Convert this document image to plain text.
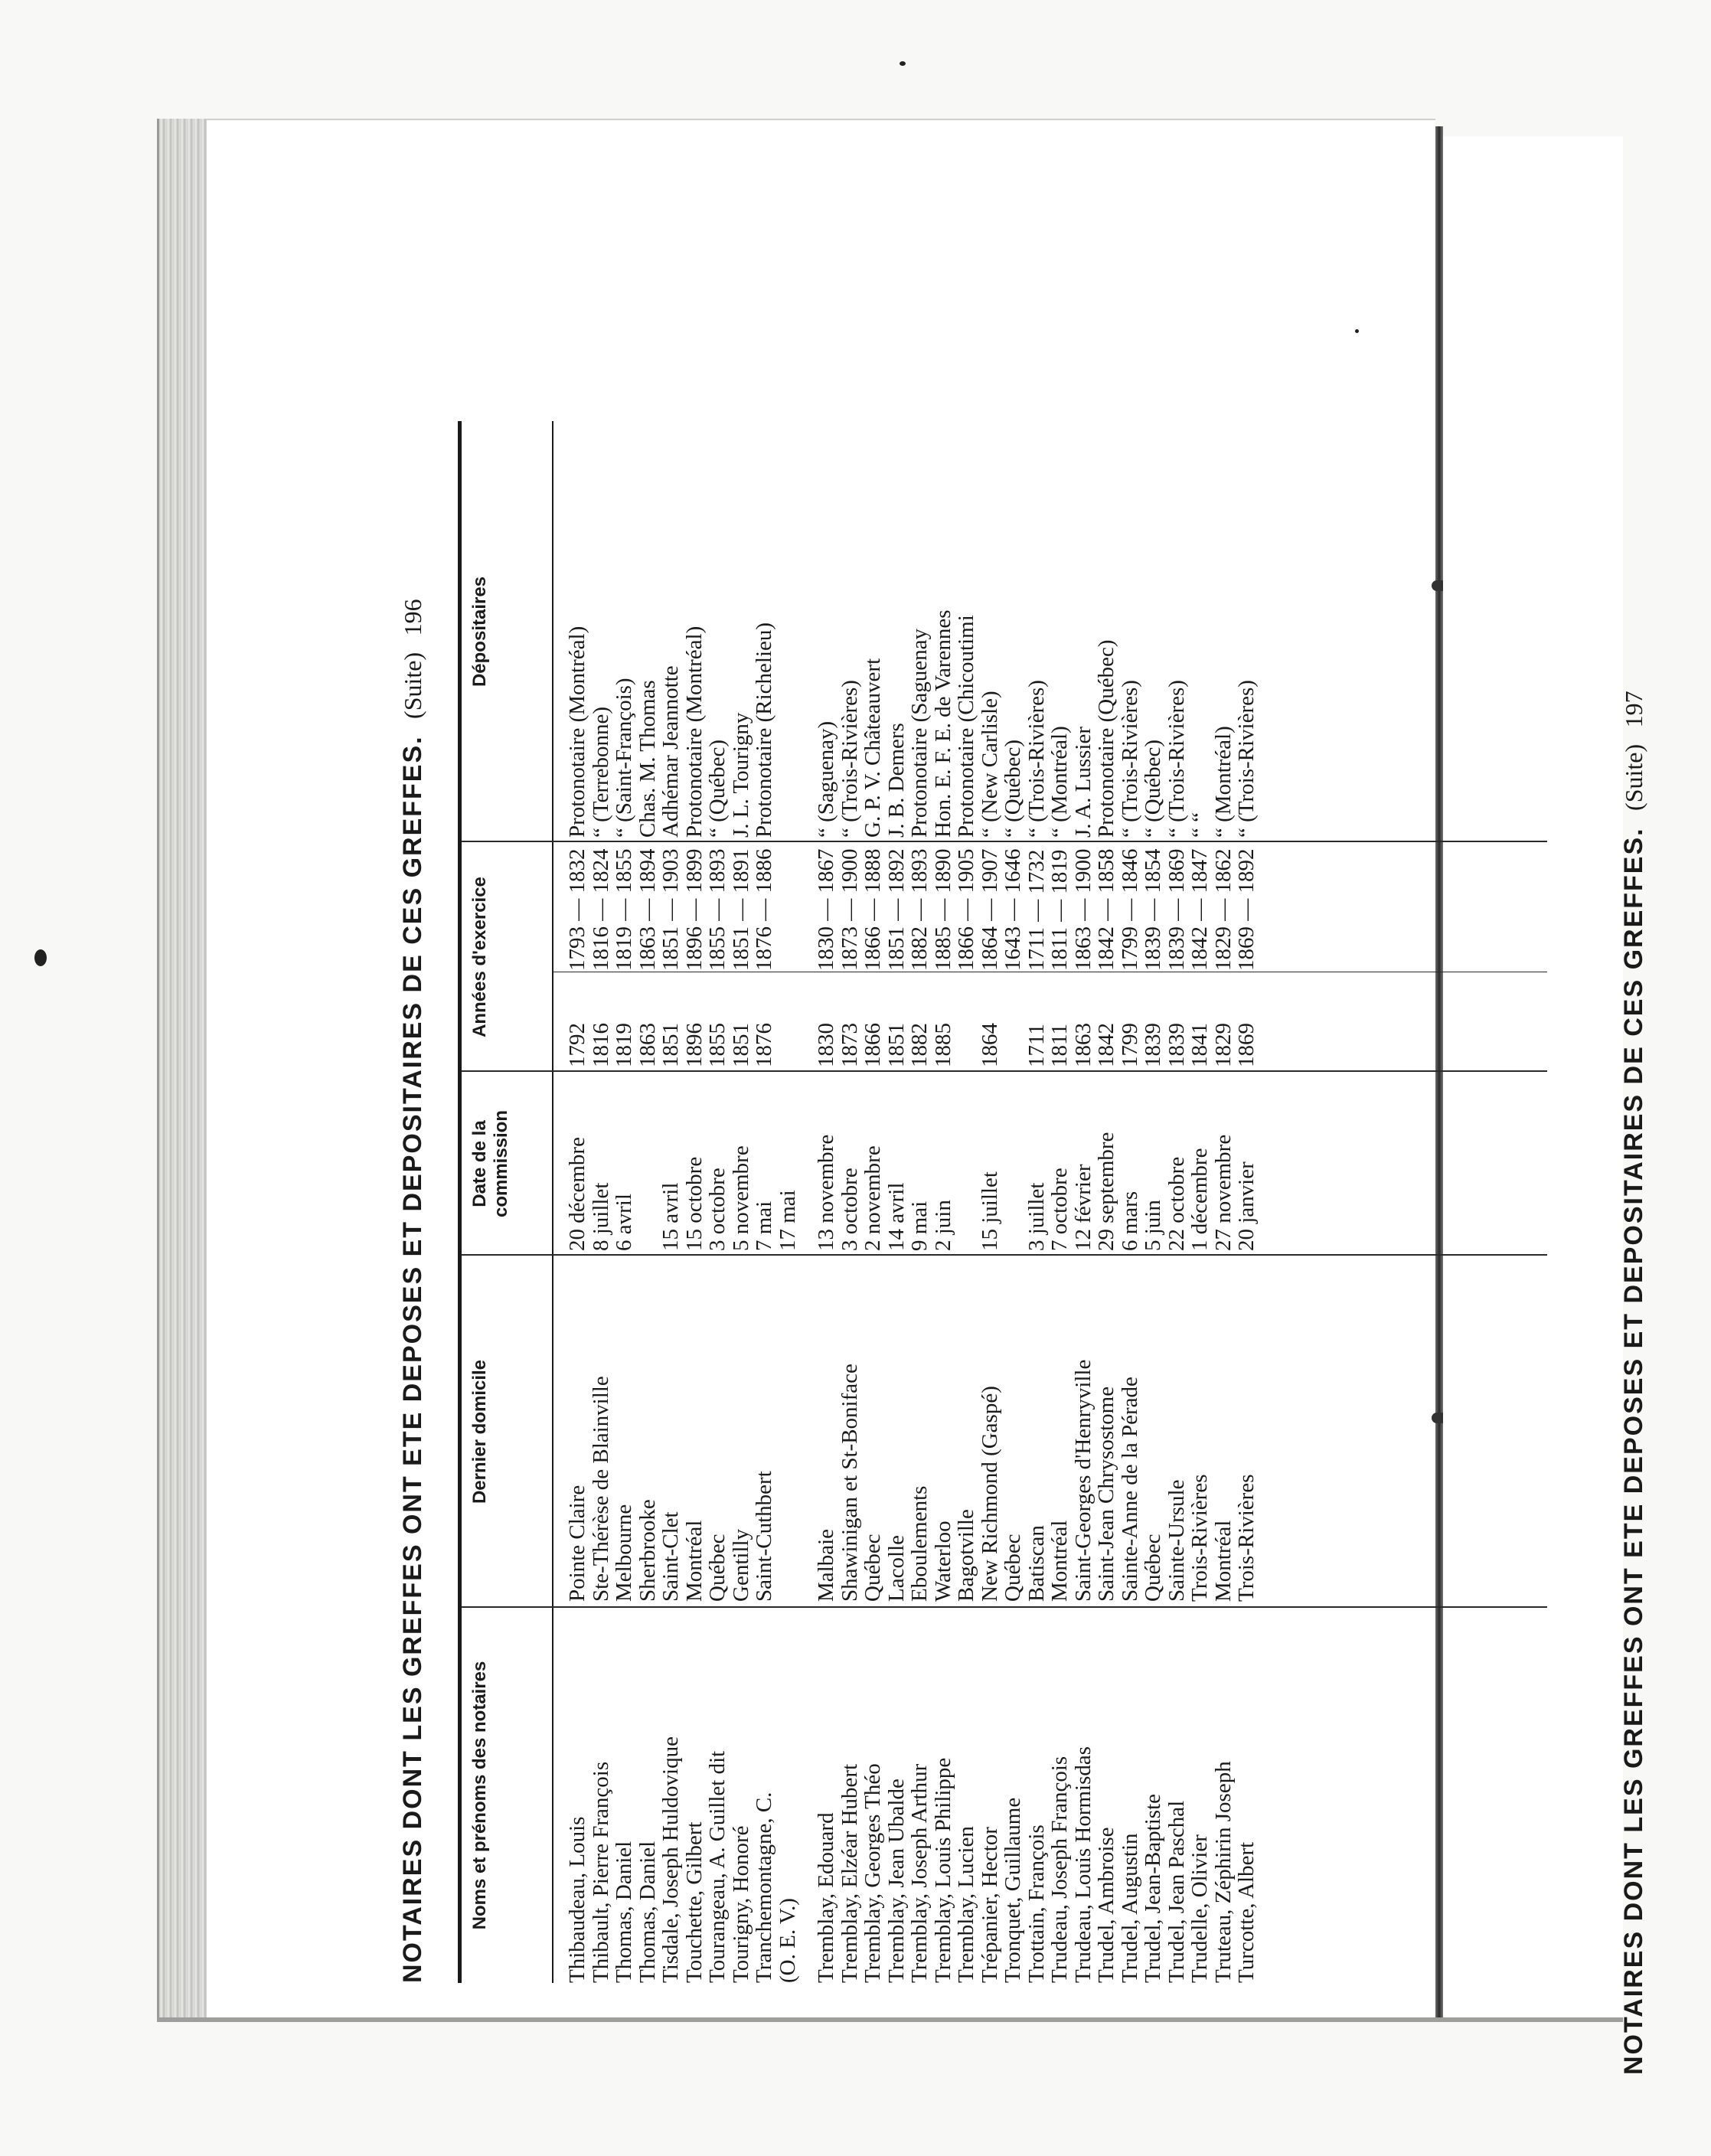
NOTAIRES DONT LES GREFFES ONT ETE DEPOSES ET DEPOSITAIRES DE CES GREFFES. (Suite) 196
Noms et prénoms des notaires
Dernier domicile
Date de la commission
Années d'exercice
Dépositaires
Thibaudeau, Louis
Pointe Claire
20 décembre
1792
1793 — 1832
Protonotaire (Montréal)
Thibault, Pierre François
Ste-Thérèse de Blainville
8 juillet
1816
1816 — 1824
“ (Terrebonne)
Thomas, Daniel
Melbourne
6 avril
1819
1819 — 1855
“ (Saint-François)
Thomas, Daniel
Sherbrooke
1863
1863 — 1894
Chas. M. Thomas
Tisdale, Joseph Huldovique
Saint-Clet
15 avril
1851
1851 — 1903
Adhémar Jeannotte
Touchette, Gilbert
Montréal
15 octobre
1896
1896 — 1899
Protonotaire (Montréal)
Tourangeau, A. Guillet dit
Québec
3 octobre
1855
1855 — 1893
“ (Québec)
Tourigny, Honoré
Gentilly
5 novembre
1851
1851 — 1891
J. L. Tourigny
Tranchemontagne, C.
Saint-Cuthbert
7 mai
1876
1876 — 1886
Protonotaire (Richelieu)
(O. E. V.)
17 mai
Tremblay, Edouard
Malbaie
13 novembre
1830
1830 — 1867
“ (Saguenay)
Tremblay, Elzéar Hubert
Shawinigan et St-Boniface
3 octobre
1873
1873 — 1900
“ (Trois-Rivières)
Tremblay, Georges Théo
Québec
2 novembre
1866
1866 — 1888
G. P. V. Châteauvert
Tremblay, Jean Ubalde
Lacolle
14 avril
1851
1851 — 1892
J. B. Demers
Tremblay, Joseph Arthur
Eboulements
9 mai
1882
1882 — 1893
Protonotaire (Saguenay
Tremblay, Louis Philippe
Waterloo
2 juin
1885
1885 — 1890
Hon. E. F. E. de Varennes
Tremblay, Lucien
Bagotville
1866 — 1905
Protonotaire (Chicoutimi
Trépanier, Hector
New Richmond (Gaspé)
15 juillet
1864
1864 — 1907
“ (New Carlisle)
Tronquet, Guillaume
Québec
1643 — 1646
“ (Québec)
Trottain, François
Batiscan
3 juillet
1711
1711 — 1732
“ (Trois-Rivières)
Trudeau, Joseph François
Montréal
7 octobre
1811
1811 — 1819
“ (Montréal)
Trudeau, Louis Hormisdas
Saint-Georges d'Henryville
12 février
1863
1863 — 1900
J. A. Lussier
Trudel, Ambroise
Saint-Jean Chrysostome
29 septembre
1842
1842 — 1858
Protonotaire (Québec)
Trudel, Augustin
Sainte-Anne de la Pérade
6 mars
1799
1799 — 1846
“ (Trois-Rivières)
Trudel, Jean-Baptiste
Québec
5 juin
1839
1839 — 1854
“ (Québec)
Trudel, Jean Paschal
Sainte-Ursule
22 octobre
1839
1839 — 1869
“ (Trois-Rivières)
Trudelle, Olivier
Trois-Rivières
1 décembre
1841
1842 — 1847
“ “
Truteau, Zéphirin Joseph
Montréal
27 novembre
1829
1829 — 1862
“ (Montréal)
Turcotte, Albert
Trois-Rivières
20 janvier
1869
1869 — 1892
“ (Trois-Rivières)
NOTAIRES DONT LES GREFFES ONT ETE DEPOSES ET DEPOSITAIRES DE CES GREFFES. (Suite) 197
